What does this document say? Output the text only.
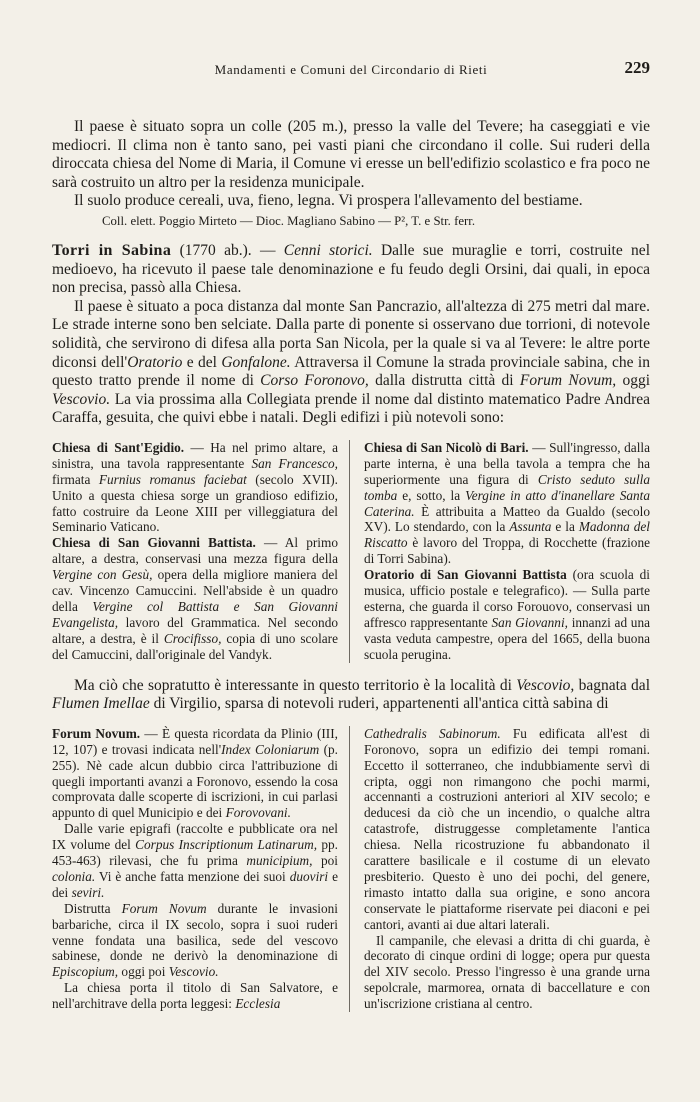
Mandamenti e Comuni del Circondario di Rieti	229

Il paese è situato sopra un colle (205 m.), presso la valle del Tevere; ha caseggiati e vie mediocri. Il clima non è tanto sano, pei vasti piani che circondano il colle. Sui ruderi della diroccata chiesa del Nome di Maria, il Comune vi eresse un bell'edifizio scolastico e fra poco ne sarà costruito un altro per la residenza municipale.

Il suolo produce cereali, uva, fieno, legna. Vi prospera l'allevamento del bestiame.

Coll. elett. Poggio Mirteto — Dioc. Magliano Sabino — P², T. e Str. ferr.

Torri in Sabina (1770 ab.). — Cenni storici. Dalle sue muraglie e torri, costruite nel medioevo, ha ricevuto il paese tale denominazione e fu feudo degli Orsini, dai quali, in epoca non precisa, passò alla Chiesa.

Il paese è situato a poca distanza dal monte San Pancrazio, all'altezza di 275 metri dal mare. Le strade interne sono ben selciate. Dalla parte di ponente si osservano due torrioni, di notevole solidità, che servirono di difesa alla porta San Nicola, per la quale si va al Tevere: le altre porte diconsi dell'Oratorio e del Gonfalone. Attraversa il Comune la strada provinciale sabina, che in questo tratto prende il nome di Corso Foronovo, dalla distrutta città di Forum Novum, oggi Vescovio. La via prossima alla Collegiata prende il nome dal distinto matematico Padre Andrea Caraffa, gesuita, che quivi ebbe i natali. Degli edifizi i più notevoli sono:

Chiesa di Sant'Egidio. — Ha nel primo altare, a sinistra, una tavola rappresentante San Francesco, firmata Furnius romanus faciebat (secolo XVII). Unito a questa chiesa sorge un grandioso edifizio, fatto costruire da Leone XIII per villeggiatura del Seminario Vaticano.

Chiesa di San Giovanni Battista. — Al primo altare, a destra, conservasi una mezza figura della Vergine con Gesù, opera della migliore maniera del cav. Vincenzo Camuccini. Nell'abside è un quadro della Vergine col Battista e San Giovanni Evangelista, lavoro del Grammatica. Nel secondo altare, a destra, è il Crocifisso, copia di uno scolare del Camuccini, dall'originale del Vandyk.

Chiesa di San Nicolò di Bari. — Sull'ingresso, dalla parte interna, è una bella tavola a tempra che ha superiormente una figura di Cristo seduto sulla tomba e, sotto, la Vergine in atto d'inanellare Santa Caterina. È attribuita a Matteo da Gualdo (secolo XV). Lo stendardo, con la Assunta e la Madonna del Riscatto è lavoro del Troppa, di Rocchette (frazione di Torri Sabina).

Oratorio di San Giovanni Battista (ora scuola di musica, ufficio postale e telegrafico). — Sulla parte esterna, che guarda il corso Forouovo, conservasi un affresco rappresentante San Giovanni, innanzi ad una vasta veduta campestre, opera del 1665, della buona scuola perugina.

Ma ciò che sopratutto è interessante in questo territorio è la località di Vescovio, bagnata dal Flumen Imellae di Virgilio, sparsa di notevoli ruderi, appartenenti all'antica città sabina di

Forum Novum. — È questa ricordata da Plinio (III, 12, 107) e trovasi indicata nell'Index Coloniarum (p. 255). Nè cade alcun dubbio circa l'attribuzione di quegli importanti avanzi a Foronovo, essendo la cosa comprovata dalle scoperte di iscrizioni, in cui parlasi appunto di quel Municipio e dei Forονovani.

Dalle varie epigrafi (raccolte e pubblicate ora nel IX volume del Corpus Inscriptionum Latinarum, pp. 453-463) rilevasi, che fu prima municipium, poi colonia. Vi è anche fatta menzione dei suoi duoviri e dei seviri.

Distrutta Forum Novum durante le invasioni barbariche, circa il IX secolo, sopra i suoi ruderi venne fondata una basilica, sede del vescovo sabinese, donde ne derivò la denominazione di Episcopium, oggi poi Vescovio.

La chiesa porta il titolo di San Salvatore, e nell'architrave della porta leggesi: Ecclesia

Cathedralis Sabinorum. Fu edificata all'est di Foronovo, sopra un edifizio dei tempi romani. Eccetto il sotterraneo, che indubbiamente servì di cripta, oggi non rimangono che pochi marmi, accennanti a costruzioni anteriori al XIV secolo; e deducesi da ciò che un incendio, o qualche altra catastrofe, distruggesse completamente l'antica chiesa. Nella ricostruzione fu abbandonato il carattere basilicale e il costume di un elevato presbiterio. Questo è uno dei pochi, del genere, rimasto intatto dalla sua origine, e sono ancora conservate le piattaforme riservate pei diaconi e pei cantori, avanti ai due altari laterali.

Il campanile, che elevasi a dritta di chi guarda, è decorato di cinque ordini di logge; opera pur questa del XIV secolo. Presso l'ingresso è una grande urna sepolcrale, marmorea, ornata di baccellature e con un'iscrizione cristiana al centro.
